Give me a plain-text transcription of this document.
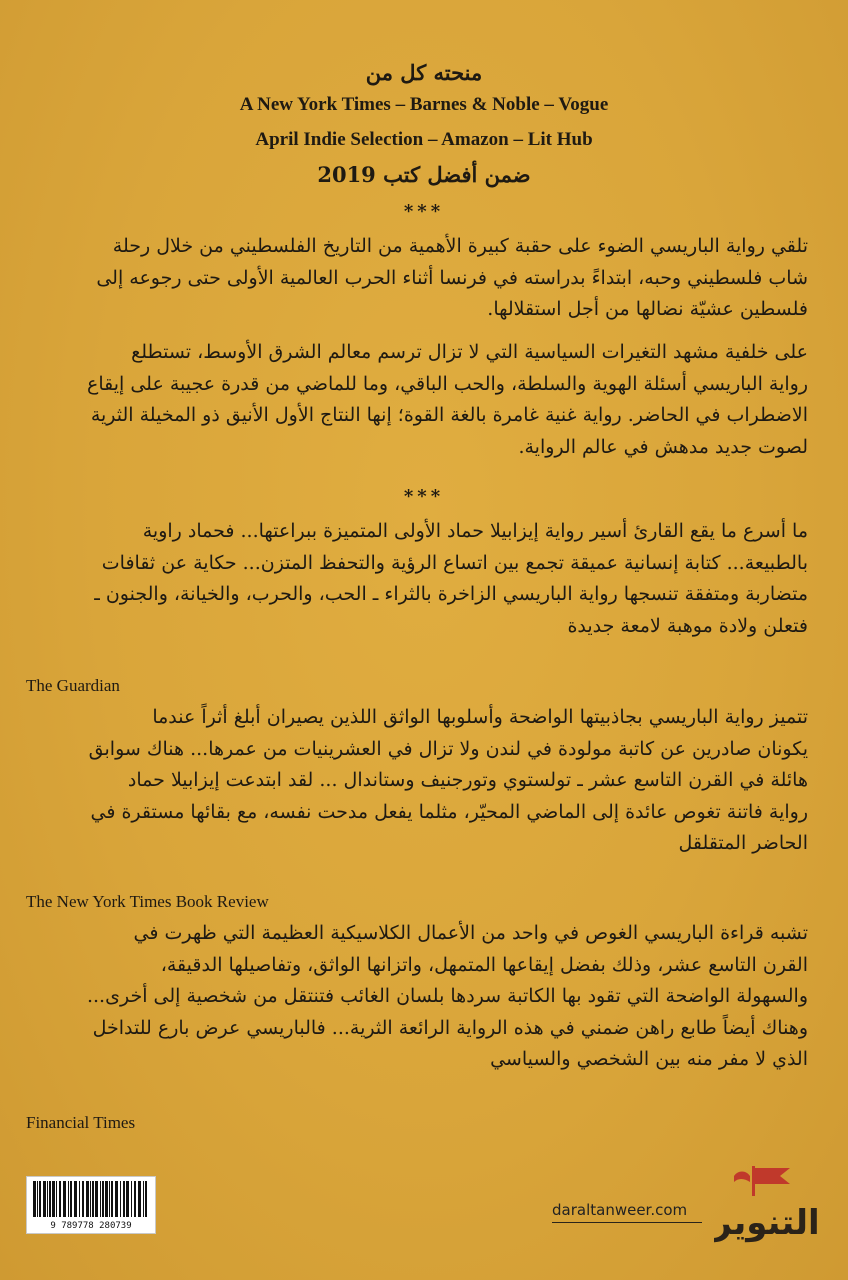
منحته كل من
A New York Times – Barnes & Noble – Vogue
April Indie Selection – Amazon – Lit Hub
ضمن أفضل كتب 2019
***
تلقي رواية الباريسي الضوء على حقبة كبيرة الأهمية من التاريخ الفلسطيني من خلال رحلة
شاب فلسطيني وحبه، ابتداءً بدراسته في فرنسا أثناء الحرب العالمية الأولى حتى رجوعه إلى
فلسطين عشيّة نضالها من أجل استقلالها.
على خلفية مشهد التغيرات السياسية التي لا تزال ترسم معالم الشرق الأوسط، تستطلع
رواية الباريسي أسئلة الهوية والسلطة، والحب الباقي، وما للماضي من قدرة عجيبة على إيقاع
الاضطراب في الحاضر. رواية غنية غامرة بالغة القوة؛ إنها النتاج الأول الأنيق ذو المخيلة الثرية
لصوت جديد مدهش في عالم الرواية.
***
ما أسرع ما يقع القارئ أسير رواية إيزابيلا حماد الأولى المتميزة ببراعتها... فحماد راوية
بالطبيعة... كتابة إنسانية عميقة تجمع بين اتساع الرؤية والتحفظ المتزن... حكاية عن ثقافات
متضاربة ومتفقة تنسجها رواية الباريسي الزاخرة بالثراء ـ الحب، والحرب، والخيانة، والجنون ـ
فتعلن ولادة موهبة لامعة جديدة
The Guardian
تتميز رواية الباريسي بجاذبيتها الواضحة وأسلوبها الواثق اللذين يصيران أبلغ أثراً عندما
يكونان صادرين عن كاتبة مولودة في لندن ولا تزال في العشرينيات من عمرها... هناك سوابق
هائلة في القرن التاسع عشر ـ تولستوي وتورجنيف وستاندال ... لقد ابتدعت إيزابيلا حماد
رواية فاتنة تغوص عائدة إلى الماضي المحيّر، مثلما يفعل مدحت نفسه، مع بقائها مستقرة في
الحاضر المتقلقل
The New York Times Book Review
تشبه قراءة الباريسي الغوص في واحد من الأعمال الكلاسيكية العظيمة التي ظهرت في
القرن التاسع عشر، وذلك بفضل إيقاعها المتمهل، واتزانها الواثق، وتفاصيلها الدقيقة،
والسهولة الواضحة التي تقود بها الكاتبة سردها بلسان الغائب فتنتقل من شخصية إلى أخرى...
وهناك أيضاً طابع راهن ضمني في هذه الرواية الرائعة الثرية... فالباريسي عرض بارع للتداخل
الذي لا مفر منه بين الشخصي والسياسي
Financial Times
9 789778 280739
daraltanweer.com التنوير
